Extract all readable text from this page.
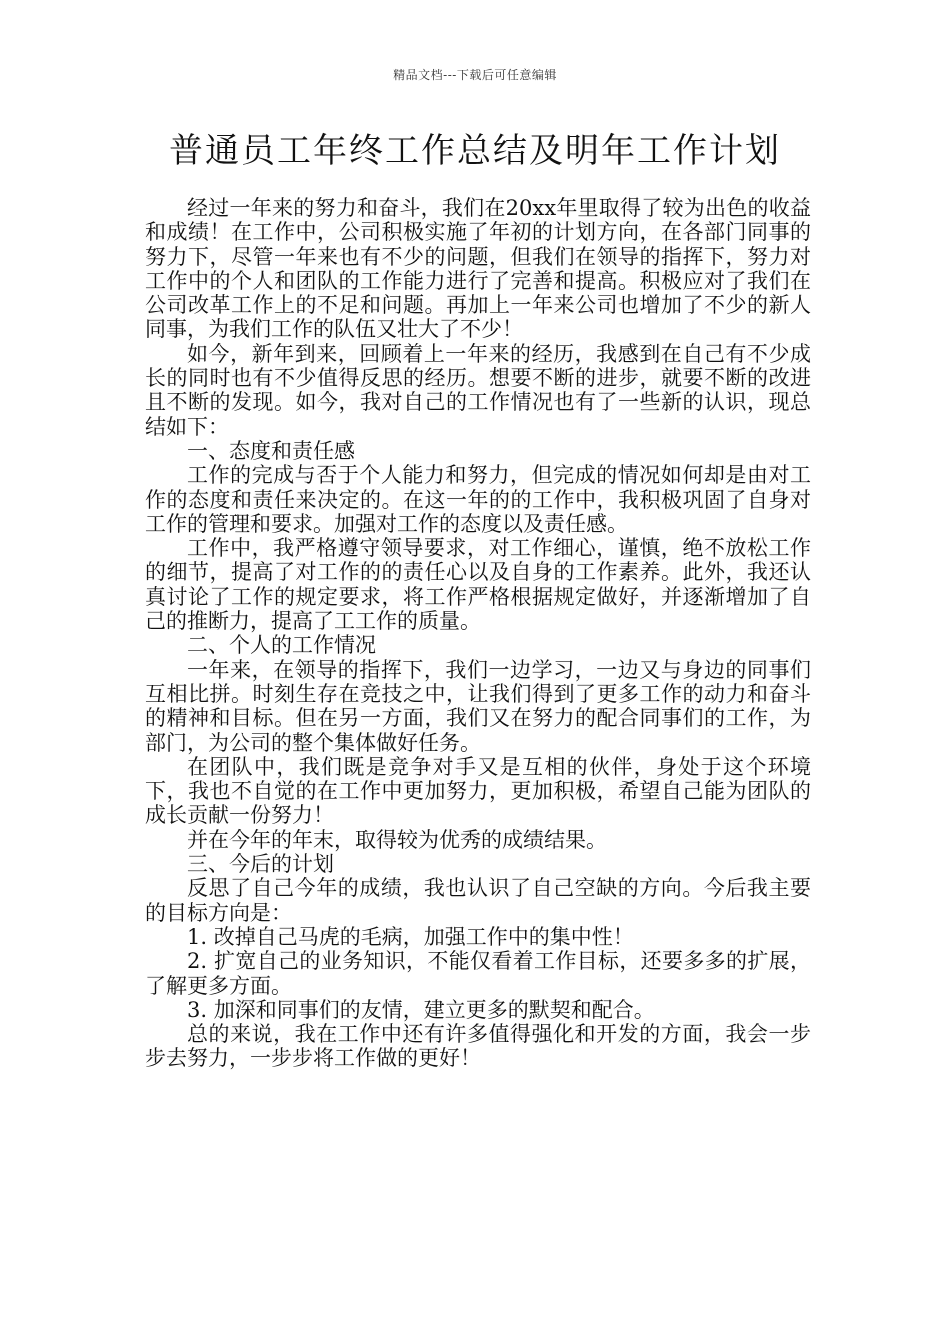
精品文档---下载后可任意编辑
普通员工年终工作总结及明年工作计划

经过一年来的努力和奋斗，我们在20xx年里取得了较为出色的收益和成绩！在工作中，公司积极实施了年初的计划方向，在各部门同事的努力下，尽管一年来也有不少的问题，但我们在领导的指挥下，努力对工作中的个人和团队的工作能力进行了完善和提高。积极应对了我们在公司改革工作上的不足和问题。再加上一年来公司也增加了不少的新人同事，为我们工作的队伍又壮大了不少！

如今，新年到来，回顾着上一年来的经历，我感到在自己有不少成长的同时也有不少值得反思的经历。想要不断的进步，就要不断的改进且不断的发现。如今，我对自己的工作情况也有了一些新的认识，现总结如下：

一、态度和责任感

工作的完成与否于个人能力和努力，但完成的情况如何却是由对工作的态度和责任来决定的。在这一年的的工作中，我积极巩固了自身对工作的管理和要求。加强对工作的态度以及责任感。

工作中，我严格遵守领导要求，对工作细心，谨慎，绝不放松工作的细节，提高了对工作的的责任心以及自身的工作素养。此外，我还认真讨论了工作的规定要求，将工作严格根据规定做好，并逐渐增加了自己的推断力，提高了工工作的质量。

二、个人的工作情况

一年来，在领导的指挥下，我们一边学习，一边又与身边的同事们互相比拼。时刻生存在竞技之中，让我们得到了更多工作的动力和奋斗的精神和目标。但在另一方面，我们又在努力的配合同事们的工作，为部门，为公司的整个集体做好任务。

在团队中，我们既是竞争对手又是互相的伙伴，身处于这个环境下，我也不自觉的在工作中更加努力，更加积极，希望自己能为团队的成长贡献一份努力！

并在今年的年末，取得较为优秀的成绩结果。

三、今后的计划

反思了自己今年的成绩，我也认识了自己空缺的方向。今后我主要的目标方向是：

1. 改掉自己马虎的毛病，加强工作中的集中性！

2. 扩宽自己的业务知识，不能仅看着工作目标，还要多多的扩展，了解更多方面。

3. 加深和同事们的友情，建立更多的默契和配合。

总的来说，我在工作中还有许多值得强化和开发的方面，我会一步步去努力，一步步将工作做的更好！
